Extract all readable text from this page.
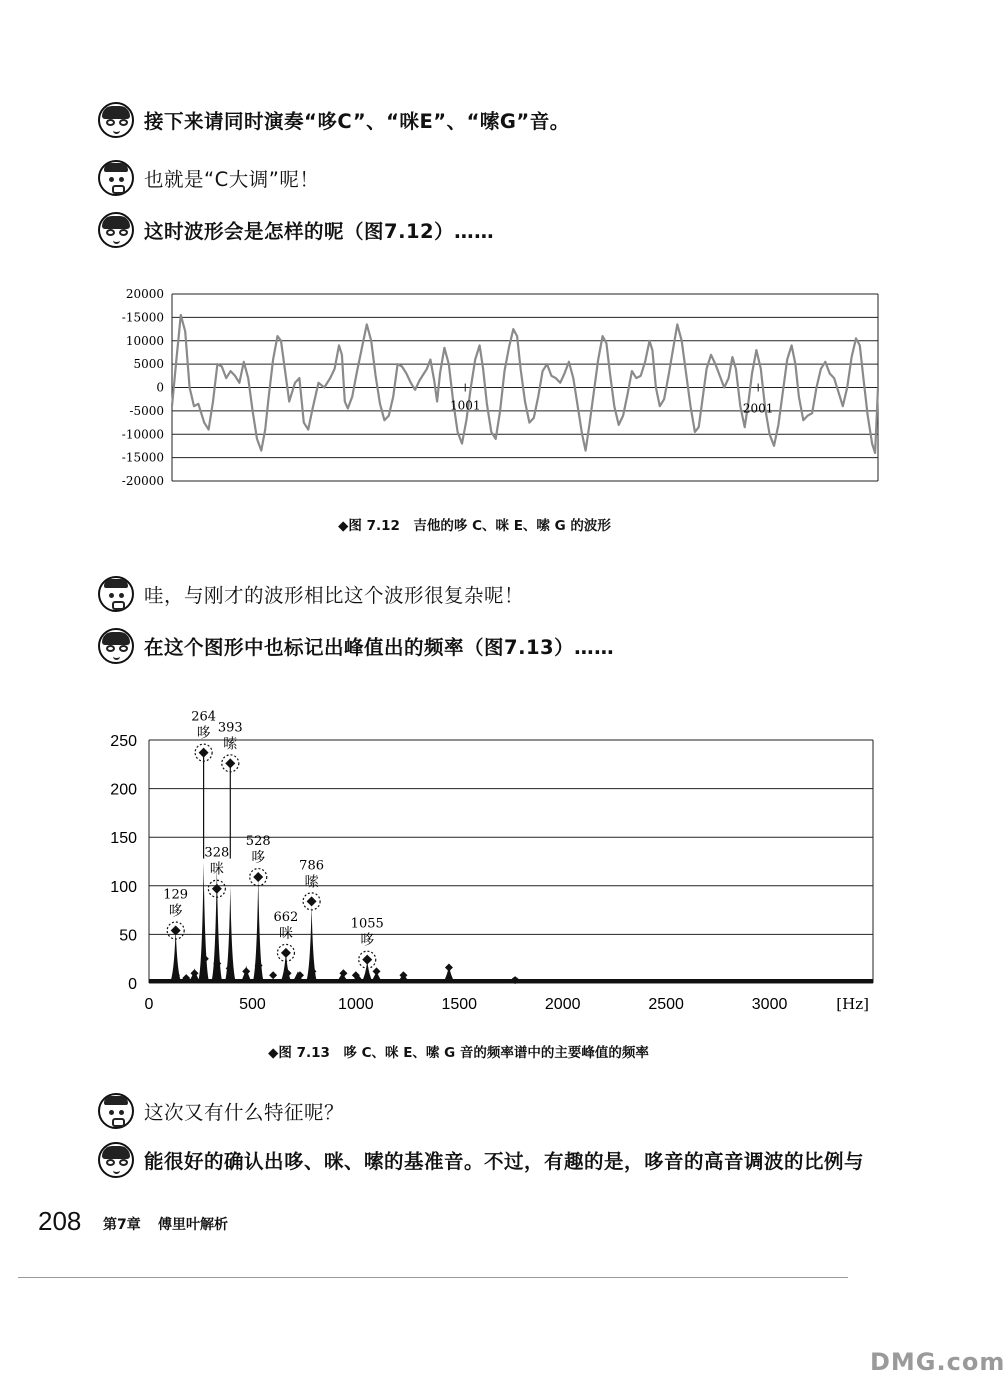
接下来请同时演奏“哆C”、“咪E”、“嗦G”音。
也就是“C大调”呢！
这时波形会是怎样的呢（图7.12）……
20000
-15000
10000
5000
0
-5000
-10000
-15000
-20000
1001	2001
◆图 7.12　吉他的哆 C、咪 E、嗦 G 的波形
哇，与刚才的波形相比这个波形很复杂呢！
在这个图形中也标记出峰值出的频率（图7.13）……
250
200
150
100
50
0
0	500	1000	1500	2000	2500	3000	[Hz]
129
哆
264
哆 393
嗦
328
咪
528
哆	786
嗦
662
咪
1055
哆
◆图 7.13　哆 C、咪 E、嗦 G 音的频率谱中的主要峰值的频率
这次又有什么特征呢？
能很好的确认出哆、咪、嗦的基准音。不过，有趣的是，哆音的高音调波的比例与
208 第7章 傅里叶解析
DMG.com
